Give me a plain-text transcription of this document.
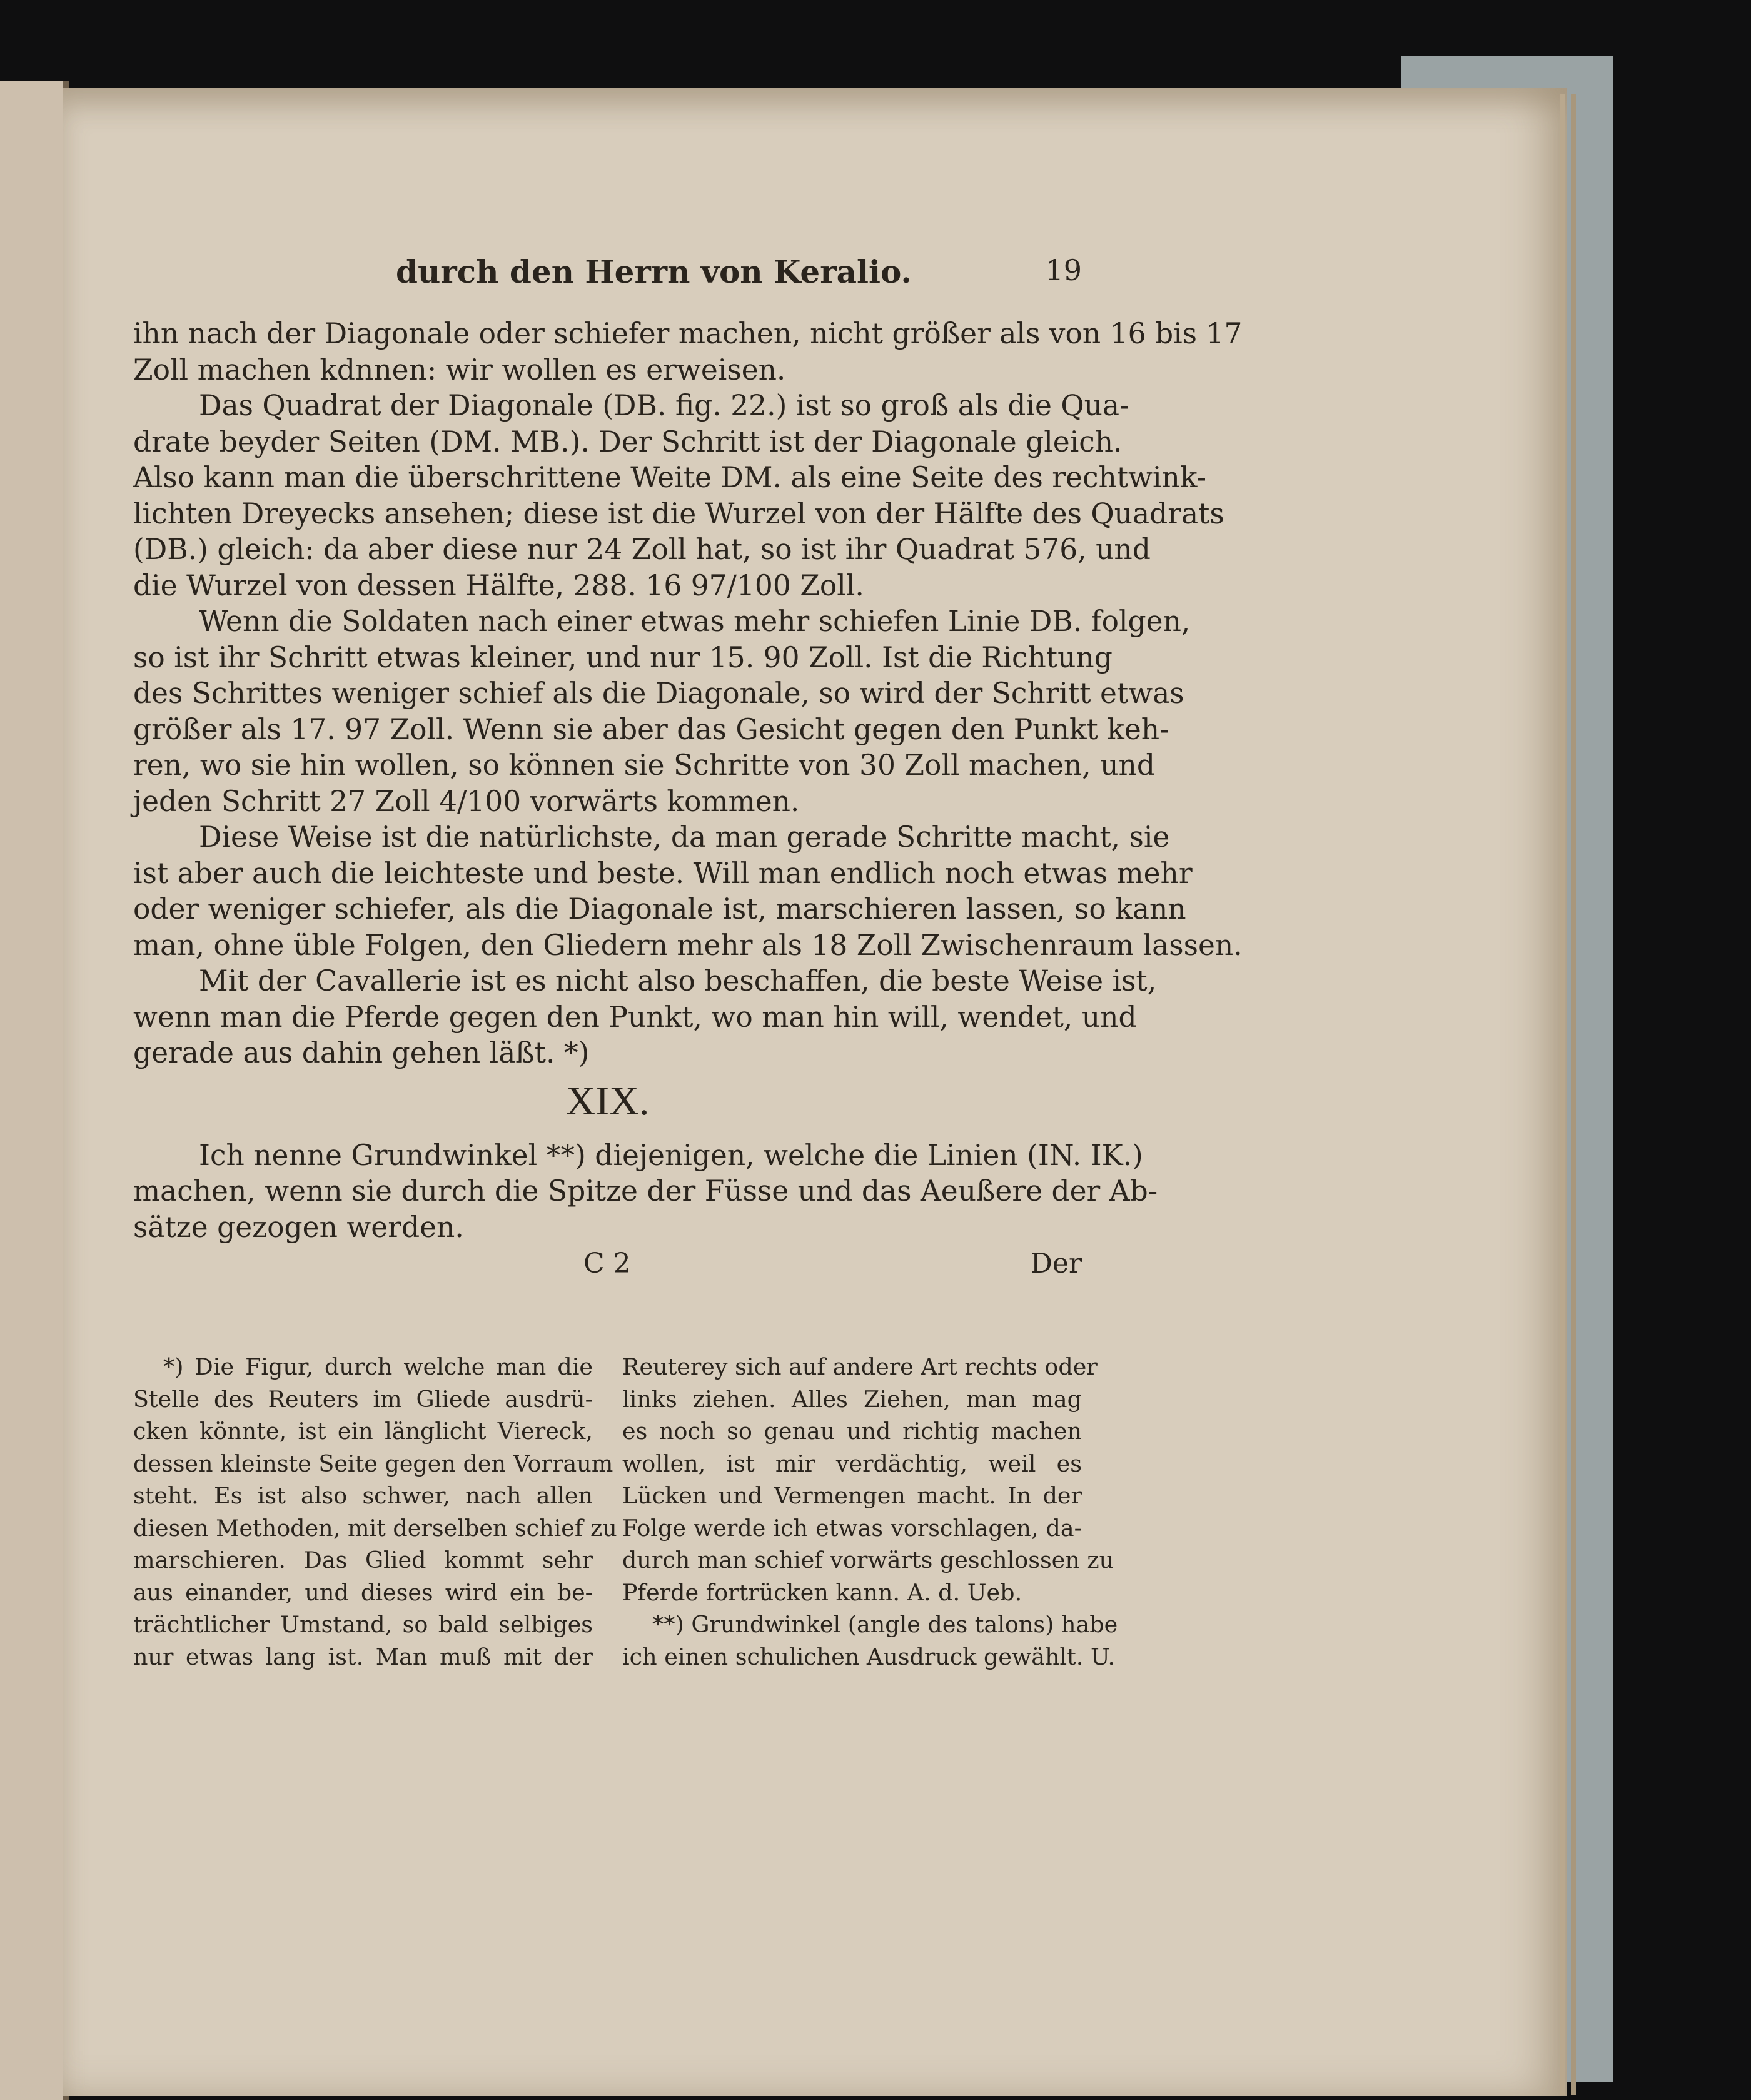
durch den Herrn von Keralio.	19
ihn nach der Diagonale oder schiefer machen, nicht größer als von 16 bis 17
Zoll machen kdnnen: wir wollen es erweisen.
Das Quadrat der Diagonale (DB. fig. 22.) ist so groß als die Qua-
drate beyder Seiten (DM. MB.). Der Schritt ist der Diagonale gleich.
Also kann man die überschrittene Weite DM. als eine Seite des rechtwink-
lichten Dreyecks ansehen; diese ist die Wurzel von der Hälfte des Quadrats
(DB.) gleich: da aber diese nur 24 Zoll hat, so ist ihr Quadrat 576, und
die Wurzel von dessen Hälfte, 288. 16 97/100 Zoll.
Wenn die Soldaten nach einer etwas mehr schiefen Linie DB. folgen,
so ist ihr Schritt etwas kleiner, und nur 15. 90 Zoll. Ist die Richtung
des Schrittes weniger schief als die Diagonale, so wird der Schritt etwas
größer als 17. 97 Zoll. Wenn sie aber das Gesicht gegen den Punkt keh-
ren, wo sie hin wollen, so können sie Schritte von 30 Zoll machen, und
jeden Schritt 27 Zoll 4/100 vorwärts kommen.
Diese Weise ist die natürlichste, da man gerade Schritte macht, sie
ist aber auch die leichteste und beste. Will man endlich noch etwas mehr
oder weniger schiefer, als die Diagonale ist, marschieren lassen, so kann
man, ohne üble Folgen, den Gliedern mehr als 18 Zoll Zwischenraum lassen.
Mit der Cavallerie ist es nicht also beschaffen, die beste Weise ist,
wenn man die Pferde gegen den Punkt, wo man hin will, wendet, und
gerade aus dahin gehen läßt. *)
XIX.
Ich nenne Grundwinkel **) diejenigen, welche die Linien (IN. IK.)
machen, wenn sie durch die Spitze der Füsse und das Aeußere der Ab-
sätze gezogen werden.
C 2	Der
*) Die Figur, durch welche man die
Stelle des Reuters im Gliede ausdrü-
cken könnte, ist ein länglicht Viereck,
dessen kleinste Seite gegen den Vorraum
steht. Es ist also schwer, nach allen
diesen Methoden, mit derselben schief zu
marschieren. Das Glied kommt sehr
aus einander, und dieses wird ein be-
trächtlicher Umstand, so bald selbiges
nur etwas lang ist. Man muß mit der
Reuterey sich auf andere Art rechts oder
links ziehen. Alles Ziehen, man mag
es noch so genau und richtig machen
wollen, ist mir verdächtig, weil es
Lücken und Vermengen macht. In der
Folge werde ich etwas vorschlagen, da-
durch man schief vorwärts geschlossen zu
Pferde fortrücken kann. A. d. Ueb.
**) Grundwinkel (angle des talons) habe
ich einen schulichen Ausdruck gewählt. U.
